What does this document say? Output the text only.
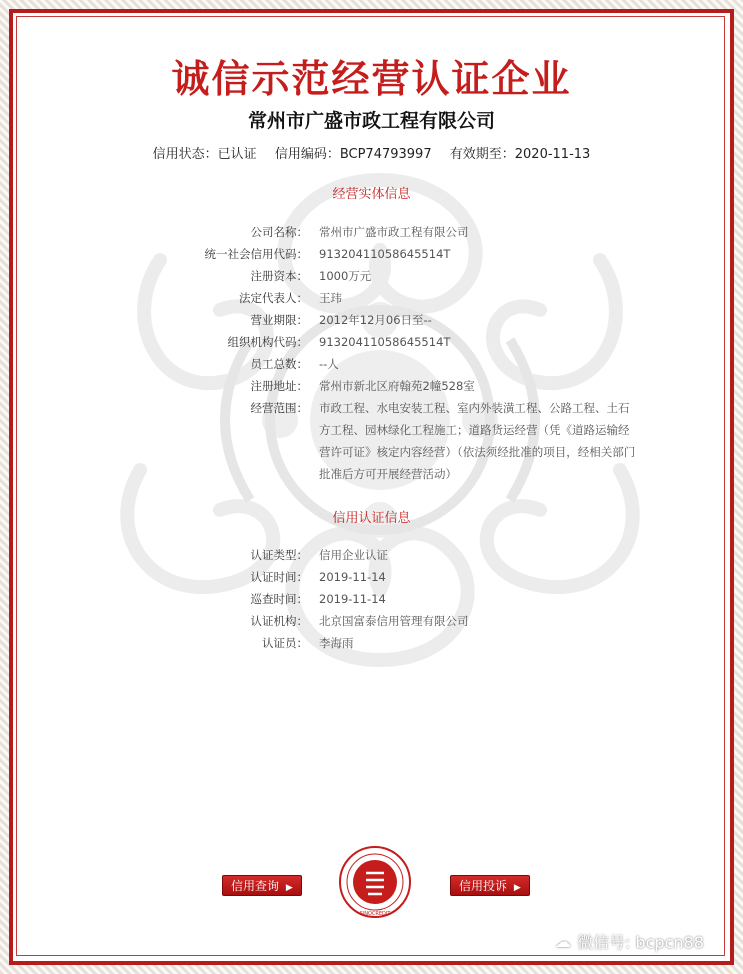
诚信示范经营认证企业
常州市广盛市政工程有限公司
信用状态：已认证 信用编码：BCP74793997 有效期至：2020-11-13
经营实体信息
公司名称： 常州市广盛市政工程有限公司
统一社会信用代码： 91320411058645514T
注册资本： 1000万元
法定代表人： 王玮
营业期限： 2012年12月06日至--
组织机构代码： 91320411058645514T
员工总数： --人
注册地址： 常州市新北区府翰苑2幢528室
经营范围： 市政工程、水电安装工程、室内外装潢工程、公路工程、土石方工程、园林绿化工程施工；道路货运经营（凭《道路运输经营许可证》核定内容经营）（依法须经批准的项目，经相关部门批准后方可开展经营活动）
信用认证信息
认证类型： 信用企业认证
认证时间： 2019-11-14
巡查时间： 2019-11-14
认证机构： 北京国富泰信用管理有限公司
认证员： 李海雨
信用查询 ▶
SINOCREDIT
信用投诉 ▶
☁ 微信号: bcpcn88
